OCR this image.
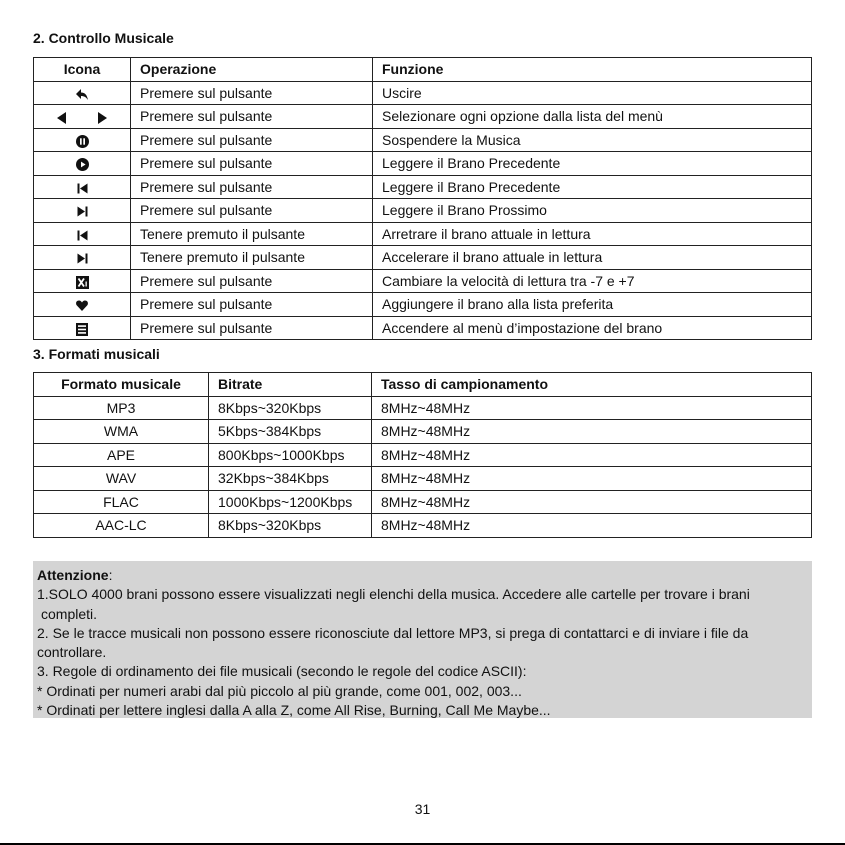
2. Controllo Musicale
Icona	Operazione	Funzione

	Premere sul pulsante	Uscire

	Premere sul pulsante	Selezionare ogni opzione dalla lista del menù

	Premere sul pulsante	Sospendere la Musica

	Premere sul pulsante	Leggere il Brano Precedente

	Premere sul pulsante	Leggere il Brano Precedente

	Premere sul pulsante	Leggere il Brano Prossimo

	Tenere premuto il pulsante	Arretrare il brano attuale in lettura

	Tenere premuto il pulsante	Accelerare il brano attuale in lettura

	Premere sul pulsante	Cambiare la velocità di lettura tra -7 e +7

	Premere sul pulsante	Aggiungere il brano alla lista preferita

	Premere sul pulsante	Accendere al menù d’impostazione del brano
3. Formati musicali
Formato musicale	Bitrate	Tasso di campionamento
MP3	8Kbps~320Kbps	8MHz~48MHz
WMA	5Kbps~384Kbps	8MHz~48MHz
APE	800Kbps~1000Kbps	8MHz~48MHz
WAV	32Kbps~384Kbps	8MHz~48MHz
FLAC	1000Kbps~1200Kbps	8MHz~48MHz
AAC-LC	8Kbps~320Kbps	8MHz~48MHz

Attenzione:

1.SOLO 4000 brani possono essere visualizzati negli elenchi della musica. Accedere alle cartelle per trovare i brani

completi.

2. Se le tracce musicali non possono essere riconosciute dal lettore MP3, si prega di contattarci e di inviare i file da

controllare.

3. Regole di ordinamento dei file musicali (secondo le regole del codice ASCII):

* Ordinati per numeri arabi dal più piccolo al più grande, come 001, 002, 003...

* Ordinati per lettere inglesi dalla A alla Z, come All Rise, Burning, Call Me Maybe...

31
